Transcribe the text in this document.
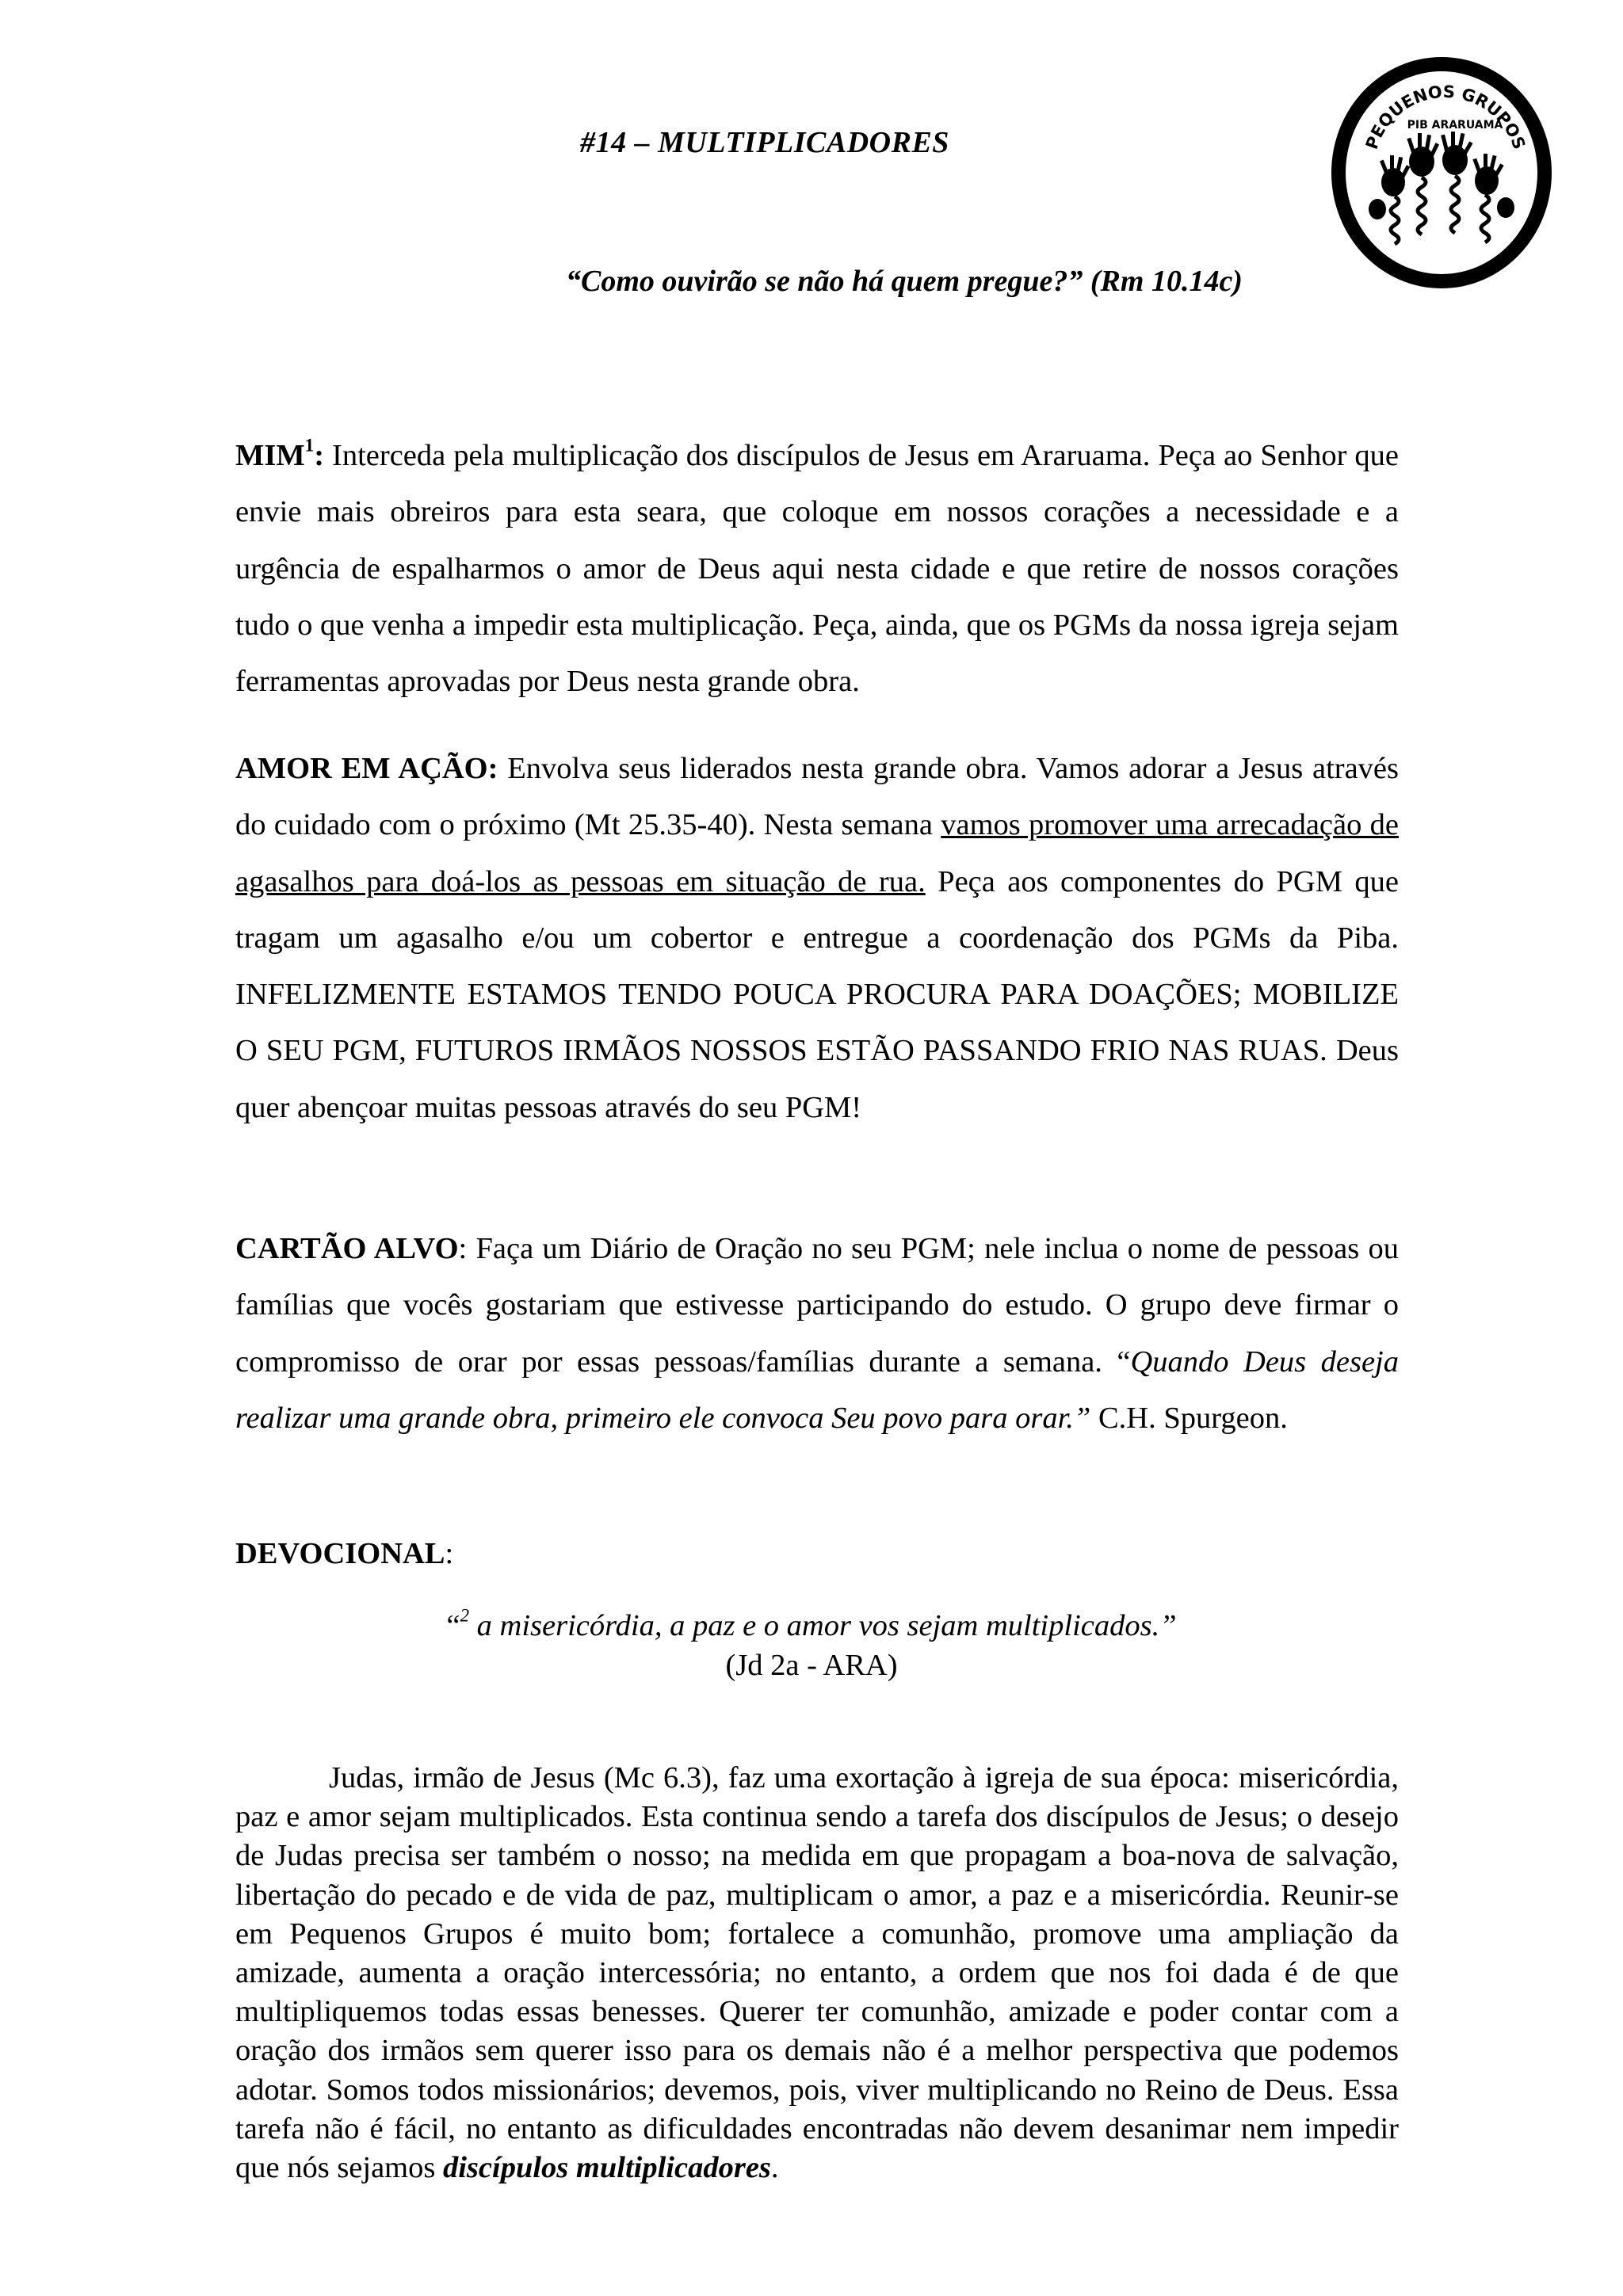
PEQUENOS GRUPOS
PIB ARARUAMA
#14 – MULTIPLICADORES
“Como ouvirão se não há quem pregue?” (Rm 10.14c)

MIM$^1$: Interceda pela multiplicação dos discípulos de Jesus em Araruama. Peça ao Senhor que envie mais obreiros para esta seara, que coloque em nossos corações a necessidade e a urgência de espalharmos o amor de Deus aqui nesta cidade e que retire de nossos corações tudo o que venha a impedir esta multiplicação. Peça, ainda, que os PGMs da nossa igreja sejam ferramentas aprovadas por Deus nesta grande obra.

AMOR EM AÇÃO: Envolva seus liderados nesta grande obra. Vamos adorar a Jesus através do cuidado com o próximo (Mt 25.35-40). Nesta semana vamos promover uma arrecadação de agasalhos para doá-los as pessoas em situação de rua. Peça aos componentes do PGM que tragam um agasalho e/ou um cobertor e entregue a coordenação dos PGMs da Piba. INFELIZMENTE ESTAMOS TENDO POUCA PROCURA PARA DOAÇÕES; MOBILIZE O SEU PGM, FUTUROS IRMÃOS NOSSOS ESTÃO PASSANDO FRIO NAS RUAS. Deus quer abençoar muitas pessoas através do seu PGM!

CARTÃO ALVO: Faça um Diário de Oração no seu PGM; nele inclua o nome de pessoas ou famílias que vocês gostariam que estivesse participando do estudo. O grupo deve firmar o compromisso de orar por essas pessoas/famílias durante a semana. “Quando Deus deseja realizar uma grande obra, primeiro ele convoca Seu povo para orar.” C.H. Spurgeon.

DEVOCIONAL:
“$^2$ a misericórdia, a paz e o amor vos sejam multiplicados.”
(Jd 2a - ARA)

Judas, irmão de Jesus (Mc 6.3), faz uma exortação à igreja de sua época: misericórdia, paz e amor sejam multiplicados. Esta continua sendo a tarefa dos discípulos de Jesus; o desejo de Judas precisa ser também o nosso; na medida em que propagam a boa-nova de salvação, libertação do pecado e de vida de paz, multiplicam o amor, a paz e a misericórdia. Reunir-se em Pequenos Grupos é muito bom; fortalece a comunhão, promove uma ampliação da amizade, aumenta a oração intercessória; no entanto, a ordem que nos foi dada é de que multipliquemos todas essas benesses. Querer ter comunhão, amizade e poder contar com a oração dos irmãos sem querer isso para os demais não é a melhor perspectiva que podemos adotar. Somos todos missionários; devemos, pois, viver multiplicando no Reino de Deus. Essa tarefa não é fácil, no entanto as dificuldades encontradas não devem desanimar nem impedir que nós sejamos discípulos multiplicadores.
